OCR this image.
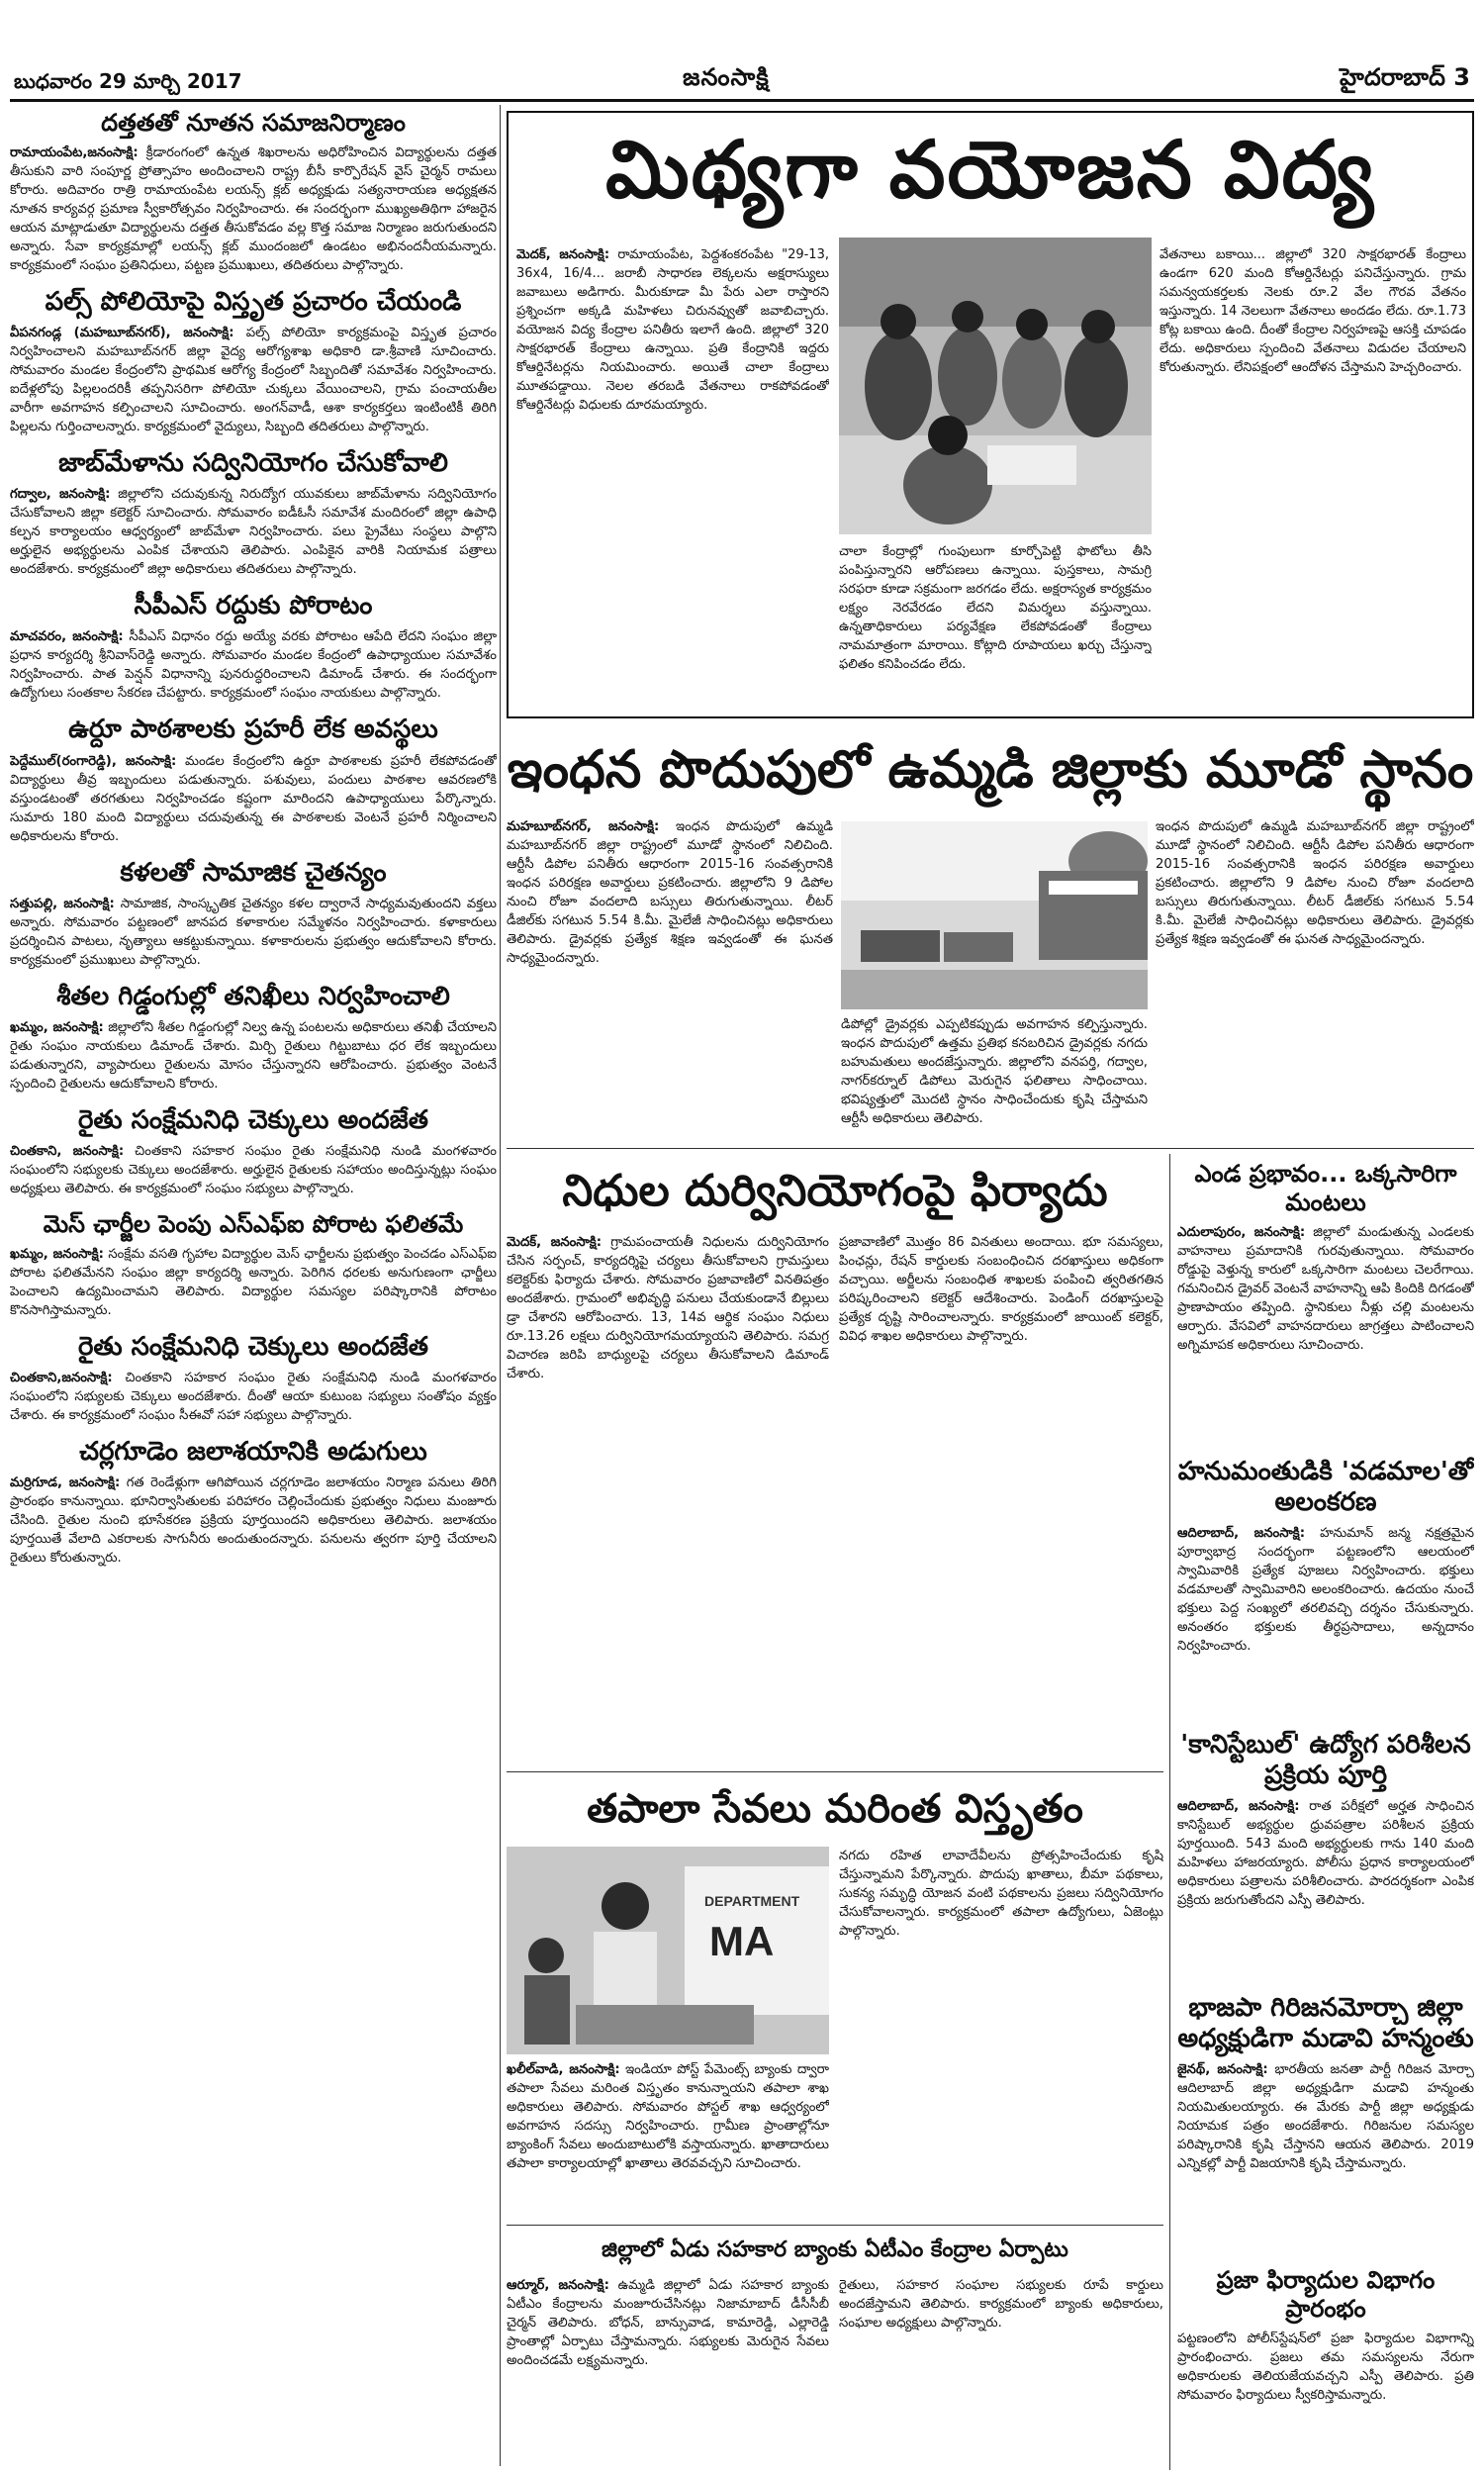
బుధవారం 29 మార్చి 2017	జనంసాక్షి	హైదరాబాద్ 3
దత్తతతో నూతన సమాజనిర్మాణం
రామాయంపేట,జనంసాక్షి: క్రీడారంగంలో ఉన్నత శిఖరాలను అధిరోహించిన విద్యార్థులను దత్తత తీసుకుని వారి సంపూర్ణ ప్రోత్సాహం అందించాలని రాష్ట్ర బీసీ కార్పొరేషన్ వైస్ చైర్మన్ రామలు కోరారు. అదివారం రాత్రి రామాయంపేట లయన్స్ క్లబ్ అధ్యక్షుడు సత్యనారాయణ అధ్యక్షతన నూతన కార్యవర్గ ప్రమాణ స్వీకారోత్సవం నిర్వహించారు. ఈ సందర్భంగా ముఖ్యఅతిథిగా హాజరైన ఆయన మాట్లాడుతూ విద్యార్థులను దత్తత తీసుకోవడం వల్ల కొత్త సమాజ నిర్మాణం జరుగుతుందని అన్నారు. సేవా కార్యక్రమాల్లో లయన్స్ క్లబ్ ముందంజలో ఉండటం అభినందనీయమన్నారు. కార్యక్రమంలో సంఘం ప్రతినిధులు, పట్టణ ప్రముఖులు, తదితరులు పాల్గొన్నారు.
పల్స్ పోలియోపై విస్తృత ప్రచారం చేయండి
వీపనగండ్ల (మహబూబ్‌నగర్), జనంసాక్షి: పల్స్ పోలియో కార్యక్రమంపై విస్తృత ప్రచారం నిర్వహించాలని మహబూబ్‌నగర్ జిల్లా వైద్య ఆరోగ్యశాఖ అధికారి డా.శ్రీవాణి సూచించారు. సోమవారం మండల కేంద్రంలోని ప్రాథమిక ఆరోగ్య కేంద్రంలో సిబ్బందితో సమావేశం నిర్వహించారు. ఐదేళ్లలోపు పిల్లలందరికీ తప్పనిసరిగా పోలియో చుక్కలు వేయించాలని, గ్రామ పంచాయతీల వారీగా అవగాహన కల్పించాలని సూచించారు. అంగన్‌వాడీ, ఆశా కార్యకర్తలు ఇంటింటికీ తిరిగి పిల్లలను గుర్తించాలన్నారు. కార్యక్రమంలో వైద్యులు, సిబ్బంది తదితరులు పాల్గొన్నారు.
జాబ్‌మేళాను సద్వినియోగం చేసుకోవాలి
గద్వాల, జనంసాక్షి: జిల్లాలోని చదువుకున్న నిరుద్యోగ యువకులు జాబ్‌మేళాను సద్వినియోగం చేసుకోవాలని జిల్లా కలెక్టర్ సూచించారు. సోమవారం ఐడీఓసీ సమావేశ మందిరంలో జిల్లా ఉపాధి కల్పన కార్యాలయం ఆధ్వర్యంలో జాబ్‌మేళా నిర్వహించారు. పలు ప్రైవేటు సంస్థలు పాల్గొని అర్హులైన అభ్యర్థులను ఎంపిక చేశాయని తెలిపారు. ఎంపికైన వారికి నియామక పత్రాలు అందజేశారు. కార్యక్రమంలో జిల్లా అధికారులు తదితరులు పాల్గొన్నారు.
సీపీఎస్ రద్దుకు పోరాటం
మాచవరం, జనంసాక్షి: సీపీఎస్ విధానం రద్దు అయ్యే వరకు పోరాటం ఆపేది లేదని సంఘం జిల్లా ప్రధాన కార్యదర్శి శ్రీనివాస్‌రెడ్డి అన్నారు. సోమవారం మండల కేంద్రంలో ఉపాధ్యాయుల సమావేశం నిర్వహించారు. పాత పెన్షన్ విధానాన్ని పునరుద్ధరించాలని డిమాండ్ చేశారు. ఈ సందర్భంగా ఉద్యోగులు సంతకాల సేకరణ చేపట్టారు. కార్యక్రమంలో సంఘం నాయకులు పాల్గొన్నారు.
ఉర్దూ పాఠశాలకు ప్రహరీ లేక అవస్థలు
పెద్దేముల్(రంగారెడ్డి), జనంసాక్షి: మండల కేంద్రంలోని ఉర్దూ పాఠశాలకు ప్రహరీ లేకపోవడంతో విద్యార్థులు తీవ్ర ఇబ్బందులు పడుతున్నారు. పశువులు, పందులు పాఠశాల ఆవరణలోకి వస్తుండటంతో తరగతులు నిర్వహించడం కష్టంగా మారిందని ఉపాధ్యాయులు పేర్కొన్నారు. సుమారు 180 మంది విద్యార్థులు చదువుతున్న ఈ పాఠశాలకు వెంటనే ప్రహరీ నిర్మించాలని అధికారులను కోరారు.
కళలతో సామాజిక చైతన్యం
సత్తుపల్లి, జనంసాక్షి: సామాజిక, సాంస్కృతిక చైతన్యం కళల ద్వారానే సాధ్యమవుతుందని వక్తలు అన్నారు. సోమవారం పట్టణంలో జానపద కళాకారుల సమ్మేళనం నిర్వహించారు. కళాకారులు ప్రదర్శించిన పాటలు, నృత్యాలు ఆకట్టుకున్నాయి. కళాకారులను ప్రభుత్వం ఆదుకోవాలని కోరారు. కార్యక్రమంలో ప్రముఖులు పాల్గొన్నారు.
శీతల గిడ్డంగుల్లో తనిఖీలు నిర్వహించాలి
ఖమ్మం, జనంసాక్షి: జిల్లాలోని శీతల గిడ్డంగుల్లో నిల్వ ఉన్న పంటలను అధికారులు తనిఖీ చేయాలని రైతు సంఘం నాయకులు డిమాండ్ చేశారు. మిర్చి రైతులు గిట్టుబాటు ధర లేక ఇబ్బందులు పడుతున్నారని, వ్యాపారులు రైతులను మోసం చేస్తున్నారని ఆరోపించారు. ప్రభుత్వం వెంటనే స్పందించి రైతులను ఆదుకోవాలని కోరారు.
రైతు సంక్షేమనిధి చెక్కులు అందజేత
చింతకాని, జనంసాక్షి: చింతకాని సహకార సంఘం రైతు సంక్షేమనిధి నుండి మంగళవారం సంఘంలోని సభ్యులకు చెక్కులు అందజేశారు. అర్హులైన రైతులకు సహాయం అందిస్తున్నట్లు సంఘం అధ్యక్షులు తెలిపారు. ఈ కార్యక్రమంలో సంఘం సభ్యులు పాల్గొన్నారు.
మెస్ ఛార్జీల పెంపు ఎస్‌ఎఫ్‌ఐ పోరాట ఫలితమే
ఖమ్మం, జనంసాక్షి: సంక్షేమ వసతి గృహాల విద్యార్థుల మెస్ ఛార్జీలను ప్రభుత్వం పెంచడం ఎస్‌ఎఫ్‌ఐ పోరాట ఫలితమేనని సంఘం జిల్లా కార్యదర్శి అన్నారు. పెరిగిన ధరలకు అనుగుణంగా ఛార్జీలు పెంచాలని ఉద్యమించామని తెలిపారు. విద్యార్థుల సమస్యల పరిష్కారానికి పోరాటం కొనసాగిస్తామన్నారు.
రైతు సంక్షేమనిధి చెక్కులు అందజేత
చింతకాని,జనంసాక్షి: చింతకాని సహకార సంఘం రైతు సంక్షేమనిధి నుండి మంగళవారం సంఘంలోని సభ్యులకు చెక్కులు అందజేశారు. దీంతో ఆయా కుటుంబ సభ్యులు సంతోషం వ్యక్తం చేశారు. ఈ కార్యక్రమంలో సంఘం సీఈవో సహా సభ్యులు పాల్గొన్నారు.
చర్లగూడెం జలాశయానికి అడుగులు
మర్రిగూడ, జనంసాక్షి: గత రెండేళ్లుగా ఆగిపోయిన చర్లగూడెం జలాశయం నిర్మాణ పనులు తిరిగి ప్రారంభం కానున్నాయి. భూనిర్వాసితులకు పరిహారం చెల్లించేందుకు ప్రభుత్వం నిధులు మంజూరు చేసింది. రైతుల నుంచి భూసేకరణ ప్రక్రియ పూర్తయిందని అధికారులు తెలిపారు. జలాశయం పూర్తయితే వేలాది ఎకరాలకు సాగునీరు అందుతుందన్నారు. పనులను త్వరగా పూర్తి చేయాలని రైతులు కోరుతున్నారు.
మిథ్యగా వయోజన విద్య
మెదక్, జనంసాక్షి: రామాయంపేట, పెద్దశంకరంపేట "29-13, 36x4, 16/4... జరాబీ సాధారణ లెక్కలను అక్షరాస్యులు జవాబులు అడిగారు. మీరుకూడా మీ పేరు ఎలా రాస్తారని ప్రశ్నించగా అక్కడి మహిళలు చిరునవ్వుతో జవాబిచ్చారు. వయోజన విద్య కేంద్రాల పనితీరు ఇలాగే ఉంది. జిల్లాలో 320 సాక్షరభారత్ కేంద్రాలు ఉన్నాయి. ప్రతి కేంద్రానికి ఇద్దరు కోఆర్డినేటర్లను నియమించారు. అయితే చాలా కేంద్రాలు మూతపడ్డాయి. నెలల తరబడి వేతనాలు రాకపోవడంతో కోఆర్డినేటర్లు విధులకు దూరమయ్యారు.
చాలా కేంద్రాల్లో గుంపులుగా కూర్చోపెట్టి ఫొటోలు తీసి పంపిస్తున్నారని ఆరోపణలు ఉన్నాయి. పుస్తకాలు, సామగ్రి సరఫరా కూడా సక్రమంగా జరగడం లేదు. అక్షరాస్యత కార్యక్రమం లక్ష్యం నెరవేరడం లేదని విమర్శలు వస్తున్నాయి. ఉన్నతాధికారులు పర్యవేక్షణ లేకపోవడంతో కేంద్రాలు నామమాత్రంగా మారాయి. కోట్లాది రూపాయలు ఖర్చు చేస్తున్నా ఫలితం కనిపించడం లేదు.
వేతనాలు బకాయి... జిల్లాలో 320 సాక్షరభారత్ కేంద్రాలు ఉండగా 620 మంది కోఆర్డినేటర్లు పనిచేస్తున్నారు. గ్రామ సమన్వయకర్తలకు నెలకు రూ.2 వేల గౌరవ వేతనం ఇస్తున్నారు. 14 నెలలుగా వేతనాలు అందడం లేదు. రూ.1.73 కోట్ల బకాయి ఉంది. దీంతో కేంద్రాల నిర్వహణపై ఆసక్తి చూపడం లేదు. అధికారులు స్పందించి వేతనాలు విడుదల చేయాలని కోరుతున్నారు. లేనిపక్షంలో ఆందోళన చేస్తామని హెచ్చరించారు.
ఇంధన పొదుపులో ఉమ్మడి జిల్లాకు మూడో స్థానం
మహబూబ్‌నగర్, జనంసాక్షి: ఇంధన పొదుపులో ఉమ్మడి మహబూబ్‌నగర్ జిల్లా రాష్ట్రంలో మూడో స్థానంలో నిలిచింది. ఆర్టీసీ డిపోల పనితీరు ఆధారంగా 2015-16 సంవత్సరానికి ఇంధన పరిరక్షణ అవార్డులు ప్రకటించారు. జిల్లాలోని 9 డిపోల నుంచి రోజూ వందలాది బస్సులు తిరుగుతున్నాయి. లీటర్ డీజిల్‌కు సగటున 5.54 కి.మీ. మైలేజీ సాధించినట్లు అధికారులు తెలిపారు. డ్రైవర్లకు ప్రత్యేక శిక్షణ ఇవ్వడంతో ఈ ఘనత సాధ్యమైందన్నారు.
డిపోల్లో డ్రైవర్లకు ఎప్పటికప్పుడు అవగాహన కల్పిస్తున్నారు. ఇంధన పొదుపులో ఉత్తమ ప్రతిభ కనబరిచిన డ్రైవర్లకు నగదు బహుమతులు అందజేస్తున్నారు. జిల్లాలోని వనపర్తి, గద్వాల, నాగర్‌కర్నూల్ డిపోలు మెరుగైన ఫలితాలు సాధించాయి. భవిష్యత్తులో మొదటి స్థానం సాధించేందుకు కృషి చేస్తామని ఆర్టీసీ అధికారులు తెలిపారు.
ఇంధన పొదుపులో ఉమ్మడి మహబూబ్‌నగర్ జిల్లా రాష్ట్రంలో మూడో స్థానంలో నిలిచింది. ఆర్టీసీ డిపోల పనితీరు ఆధారంగా 2015-16 సంవత్సరానికి ఇంధన పరిరక్షణ అవార్డులు ప్రకటించారు. జిల్లాలోని 9 డిపోల నుంచి రోజూ వందలాది బస్సులు తిరుగుతున్నాయి. లీటర్ డీజిల్‌కు సగటున 5.54 కి.మీ. మైలేజీ సాధించినట్లు అధికారులు తెలిపారు. డ్రైవర్లకు ప్రత్యేక శిక్షణ ఇవ్వడంతో ఈ ఘనత సాధ్యమైందన్నారు.
నిధుల దుర్వినియోగంపై ఫిర్యాదు
మెదక్, జనంసాక్షి: గ్రామపంచాయతీ నిధులను దుర్వినియోగం చేసిన సర్పంచ్, కార్యదర్శిపై చర్యలు తీసుకోవాలని గ్రామస్తులు కలెక్టర్‌కు ఫిర్యాదు చేశారు. సోమవారం ప్రజావాణిలో వినతిపత్రం అందజేశారు. గ్రామంలో అభివృద్ధి పనులు చేయకుండానే బిల్లులు డ్రా చేశారని ఆరోపించారు. 13, 14వ ఆర్థిక సంఘం నిధులు రూ.13.26 లక్షలు దుర్వినియోగమయ్యాయని తెలిపారు. సమగ్ర విచారణ జరిపి బాధ్యులపై చర్యలు తీసుకోవాలని డిమాండ్ చేశారు.
ప్రజావాణిలో మొత్తం 86 వినతులు అందాయి. భూ సమస్యలు, పింఛన్లు, రేషన్ కార్డులకు సంబంధించిన దరఖాస్తులు అధికంగా వచ్చాయి. అర్జీలను సంబంధిత శాఖలకు పంపించి త్వరితగతిన పరిష్కరించాలని కలెక్టర్ ఆదేశించారు. పెండింగ్ దరఖాస్తులపై ప్రత్యేక దృష్టి సారించాలన్నారు. కార్యక్రమంలో జాయింట్ కలెక్టర్, వివిధ శాఖల అధికారులు పాల్గొన్నారు.
ఎండ ప్రభావం... ఒక్కసారిగా మంటలు
ఎదులాపురం, జనంసాక్షి: జిల్లాలో మండుతున్న ఎండలకు వాహనాలు ప్రమాదానికి గురవుతున్నాయి. సోమవారం రోడ్డుపై వెళ్తున్న కారులో ఒక్కసారిగా మంటలు చెలరేగాయి. గమనించిన డ్రైవర్ వెంటనే వాహనాన్ని ఆపి కిందికి దిగడంతో ప్రాణాపాయం తప్పింది. స్థానికులు నీళ్లు చల్లి మంటలను ఆర్పారు. వేసవిలో వాహనదారులు జాగ్రత్తలు పాటించాలని అగ్నిమాపక అధికారులు సూచించారు.
హనుమంతుడికి 'వడమాల'తో అలంకరణ
ఆదిలాబాద్, జనంసాక్షి: హనుమాన్ జన్మ నక్షత్రమైన పూర్వాభాద్ర సందర్భంగా పట్టణంలోని ఆలయంలో స్వామివారికి ప్రత్యేక పూజలు నిర్వహించారు. భక్తులు వడమాలతో స్వామివారిని అలంకరించారు. ఉదయం నుంచే భక్తులు పెద్ద సంఖ్యలో తరలివచ్చి దర్శనం చేసుకున్నారు. అనంతరం భక్తులకు తీర్థప్రసాదాలు, అన్నదానం నిర్వహించారు.
'కానిస్టేబుల్' ఉద్యోగ పరిశీలన ప్రక్రియ పూర్తి
ఆదిలాబాద్, జనంసాక్షి: రాత పరీక్షలో అర్హత సాధించిన కానిస్టేబుల్ అభ్యర్థుల ధ్రువపత్రాల పరిశీలన ప్రక్రియ పూర్తయింది. 543 మంది అభ్యర్థులకు గాను 140 మంది మహిళలు హాజరయ్యారు. పోలీసు ప్రధాన కార్యాలయంలో అధికారులు పత్రాలను పరిశీలించారు. పారదర్శకంగా ఎంపిక ప్రక్రియ జరుగుతోందని ఎస్పీ తెలిపారు.
భాజపా గిరిజనమోర్చా జిల్లా అధ్యక్షుడిగా మడావి హన్మంతు
జైనథ్, జనంసాక్షి: భారతీయ జనతా పార్టీ గిరిజన మోర్చా ఆదిలాబాద్ జిల్లా అధ్యక్షుడిగా మడావి హన్మంతు నియమితులయ్యారు. ఈ మేరకు పార్టీ జిల్లా అధ్యక్షుడు నియామక పత్రం అందజేశారు. గిరిజనుల సమస్యల పరిష్కారానికి కృషి చేస్తానని ఆయన తెలిపారు. 2019 ఎన్నికల్లో పార్టీ విజయానికి కృషి చేస్తామన్నారు.
ప్రజా ఫిర్యాదుల విభాగం ప్రారంభం
పట్టణంలోని పోలీస్‌స్టేషన్‌లో ప్రజా ఫిర్యాదుల విభాగాన్ని ప్రారంభించారు. ప్రజలు తమ సమస్యలను నేరుగా అధికారులకు తెలియజేయవచ్చని ఎస్పీ తెలిపారు. ప్రతి సోమవారం ఫిర్యాదులు స్వీకరిస్తామన్నారు.
తపాలా సేవలు మరింత విస్తృతం
DEPARTMENT
MA
ఖలీల్‌వాడి, జనంసాక్షి: ఇండియా పోస్ట్ పేమెంట్స్ బ్యాంకు ద్వారా తపాలా సేవలు మరింత విస్తృతం కానున్నాయని తపాలా శాఖ అధికారులు తెలిపారు. సోమవారం పోస్టల్ శాఖ ఆధ్వర్యంలో అవగాహన సదస్సు నిర్వహించారు. గ్రామీణ ప్రాంతాల్లోనూ బ్యాంకింగ్ సేవలు అందుబాటులోకి వస్తాయన్నారు. ఖాతాదారులు తపాలా కార్యాలయాల్లో ఖాతాలు తెరవవచ్చని సూచించారు.
నగదు రహిత లావాదేవీలను ప్రోత్సహించేందుకు కృషి చేస్తున్నామని పేర్కొన్నారు. పొదుపు ఖాతాలు, బీమా పథకాలు, సుకన్య సమృద్ధి యోజన వంటి పథకాలను ప్రజలు సద్వినియోగం చేసుకోవాలన్నారు. కార్యక్రమంలో తపాలా ఉద్యోగులు, ఏజెంట్లు పాల్గొన్నారు.
జిల్లాలో ఏడు సహకార బ్యాంకు ఏటీఎం కేంద్రాల ఏర్పాటు
ఆర్మూర్, జనంసాక్షి: ఉమ్మడి జిల్లాలో ఏడు సహకార బ్యాంకు ఏటీఎం కేంద్రాలను మంజూరుచేసినట్లు నిజామాబాద్ డీసీసీబీ చైర్మన్ తెలిపారు. బోధన్, బాన్సువాడ, కామారెడ్డి, ఎల్లారెడ్డి ప్రాంతాల్లో ఏర్పాటు చేస్తామన్నారు. సభ్యులకు మెరుగైన సేవలు అందించడమే లక్ష్యమన్నారు.
రైతులు, సహకార సంఘాల సభ్యులకు రూపే కార్డులు అందజేస్తామని తెలిపారు. కార్యక్రమంలో బ్యాంకు అధికారులు, సంఘాల అధ్యక్షులు పాల్గొన్నారు.
